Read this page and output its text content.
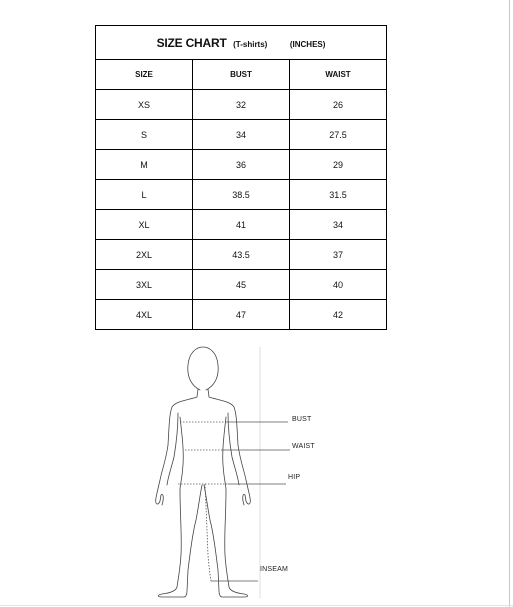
SIZE CHART (T-shirts) (INCHES)		
SIZE	BUST	WAIST
XS	32	26
S	34	27.5
M	36	29
L	38.5	31.5
XL	41	34
2XL	43.5	37
3XL	45	40
4XL	47	42
BUST
WAIST
HIP
INSEAM
